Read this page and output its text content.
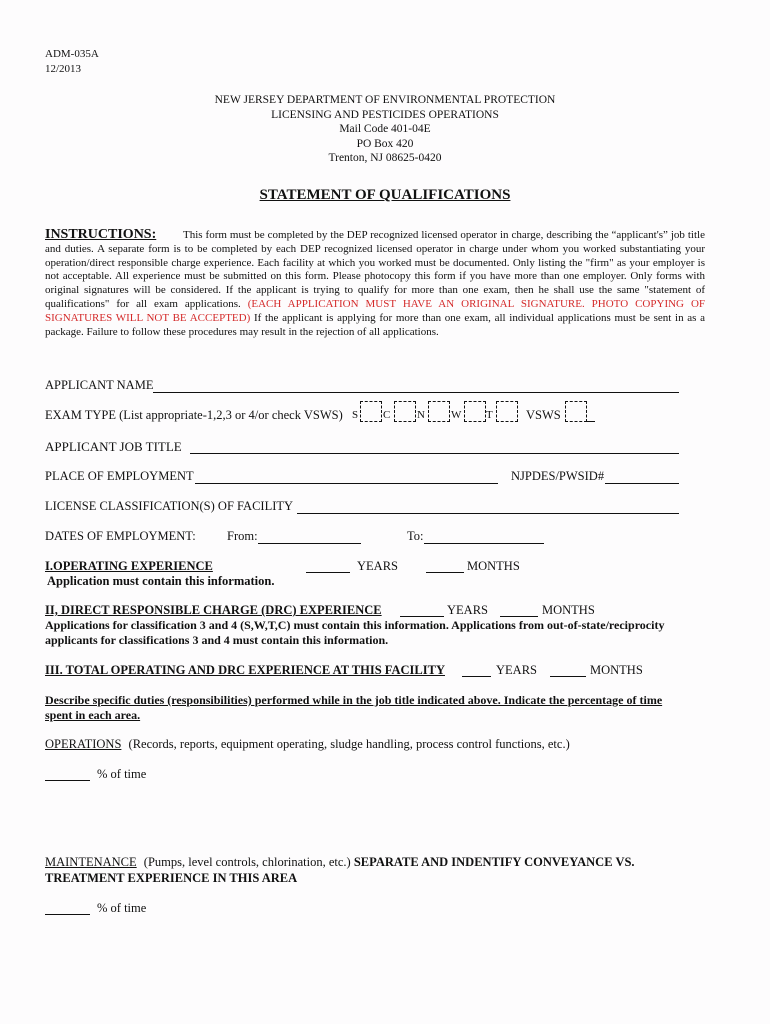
ADM-035A
12/2013
NEW JERSEY DEPARTMENT OF ENVIRONMENTAL PROTECTION
LICENSING AND PESTICIDES OPERATIONS
Mail Code 401-04E
PO Box 420
Trenton, NJ 08625-0420
STATEMENT OF QUALIFICATIONS
INSTRUCTIONS: This form must be completed by the DEP recognized licensed operator in charge, describing the “applicant's” job title and duties. A separate form is to be completed by each DEP recognized licensed operator in charge under whom you worked substantiating your operation/direct responsible charge experience. Each facility at which you worked must be documented. Only listing the "firm" as your employer is not acceptable. All experience must be submitted on this form. Please photocopy this form if you have more than one employer. Only forms with original signatures will be considered. If the applicant is trying to qualify for more than one exam, then he shall use the same "statement of qualifications" for all exam applications. (EACH APPLICATION MUST HAVE AN ORIGINAL SIGNATURE. PHOTO COPYING OF SIGNATURES WILL NOT BE ACCEPTED) If the applicant is applying for more than one exam, all individual applications must be sent in as a package. Failure to follow these procedures may result in the rejection of all applications.
APPLICANT NAME
EXAM TYPE (List appropriate-1,2,3 or 4/or check VSWS) S C N W T	VSWS
APPLICANT JOB TITLE
PLACE OF EMPLOYMENT	NJPDES/PWSID#
LICENSE CLASSIFICATION(S) OF FACILITY
DATES OF EMPLOYMENT: From:	To:
I.OPERATING EXPERIENCE	YEARS	MONTHS
Application must contain this information.
II, DIRECT RESPONSIBLE CHARGE (DRC) EXPERIENCE	YEARS	MONTHS
Applications for classification 3 and 4 (S,W,T,C) must contain this information. Applications from out-of-state/reciprocity
applicants for classifications 3 and 4 must contain this information.
III. TOTAL OPERATING AND DRC EXPERIENCE AT THIS FACILITY	YEARS	MONTHS
Describe specific duties (responsibilities) performed while in the job title indicated above. Indicate the percentage of time
spent in each area.
OPERATIONS (Records, reports, equipment operating, sludge handling, process control functions, etc.)
% of time
MAINTENANCE (Pumps, level controls, chlorination, etc.) SEPARATE AND INDENTIFY CONVEYANCE VS.
TREATMENT EXPERIENCE IN THIS AREA
% of time
